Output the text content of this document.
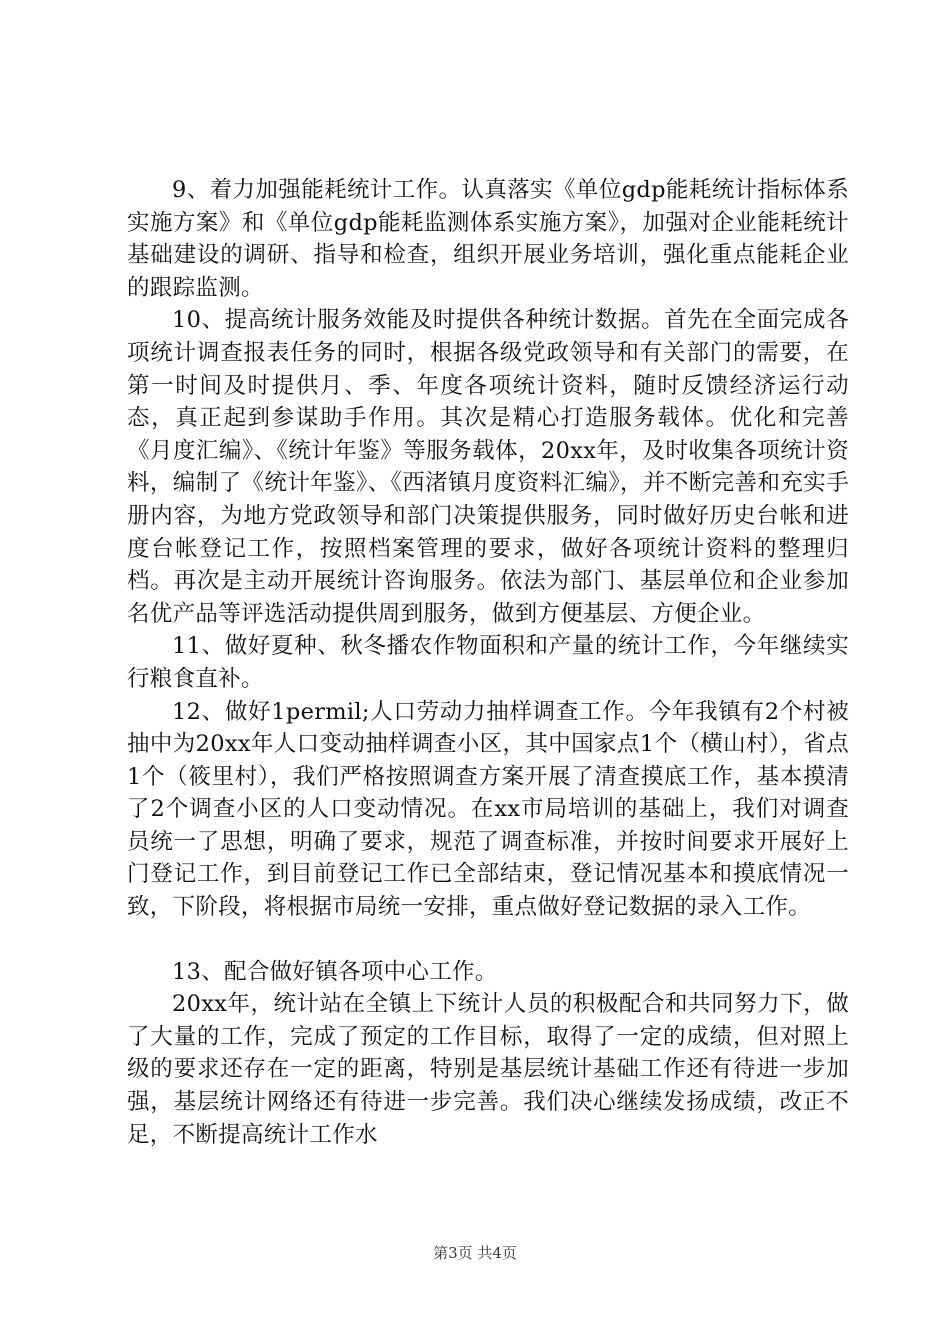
9、着力加强能耗统计工作。认真落实《单位gdp能耗统计指标体系实施方案》和《单位gdp能耗监测体系实施方案》，加强对企业能耗统计基础建设的调研、指导和检查，组织开展业务培训，强化重点能耗企业的跟踪监测。

10、提高统计服务效能及时提供各种统计数据。首先在全面完成各项统计调查报表任务的同时，根据各级党政领导和有关部门的需要，在第一时间及时提供月、季、年度各项统计资料，随时反馈经济运行动态，真正起到参谋助手作用。其次是精心打造服务载体。优化和完善《月度汇编》、《统计年鉴》等服务载体，20xx年，及时收集各项统计资料，编制了《统计年鉴》、《西渚镇月度资料汇编》，并不断完善和充实手册内容，为地方党政领导和部门决策提供服务，同时做好历史台帐和进度台帐登记工作，按照档案管理的要求，做好各项统计资料的整理归档。再次是主动开展统计咨询服务。依法为部门、基层单位和企业参加名优产品等评选活动提供周到服务，做到方便基层、方便企业。

11、做好夏种、秋冬播农作物面积和产量的统计工作，今年继续实行粮食直补。

12、做好1permil;人口劳动力抽样调查工作。今年我镇有2个村被抽中为20xx年人口变动抽样调查小区，其中国家点1个（横山村），省点1个（筱里村），我们严格按照调查方案开展了清查摸底工作，基本摸清了2个调查小区的人口变动情况。在xx市局培训的基础上，我们对调查员统一了思想，明确了要求，规范了调查标准，并按时间要求开展好上门登记工作，到目前登记工作已全部结束，登记情况基本和摸底情况一致，下阶段，将根据市局统一安排，重点做好登记数据的录入工作。

13、配合做好镇各项中心工作。

20xx年，统计站在全镇上下统计人员的积极配合和共同努力下，做了大量的工作，完成了预定的工作目标，取得了一定的成绩，但对照上级的要求还存在一定的距离，特别是基层统计基础工作还有待进一步加强，基层统计网络还有待进一步完善。我们决心继续发扬成绩，改正不足，不断提高统计工作水

第3页 共4页
